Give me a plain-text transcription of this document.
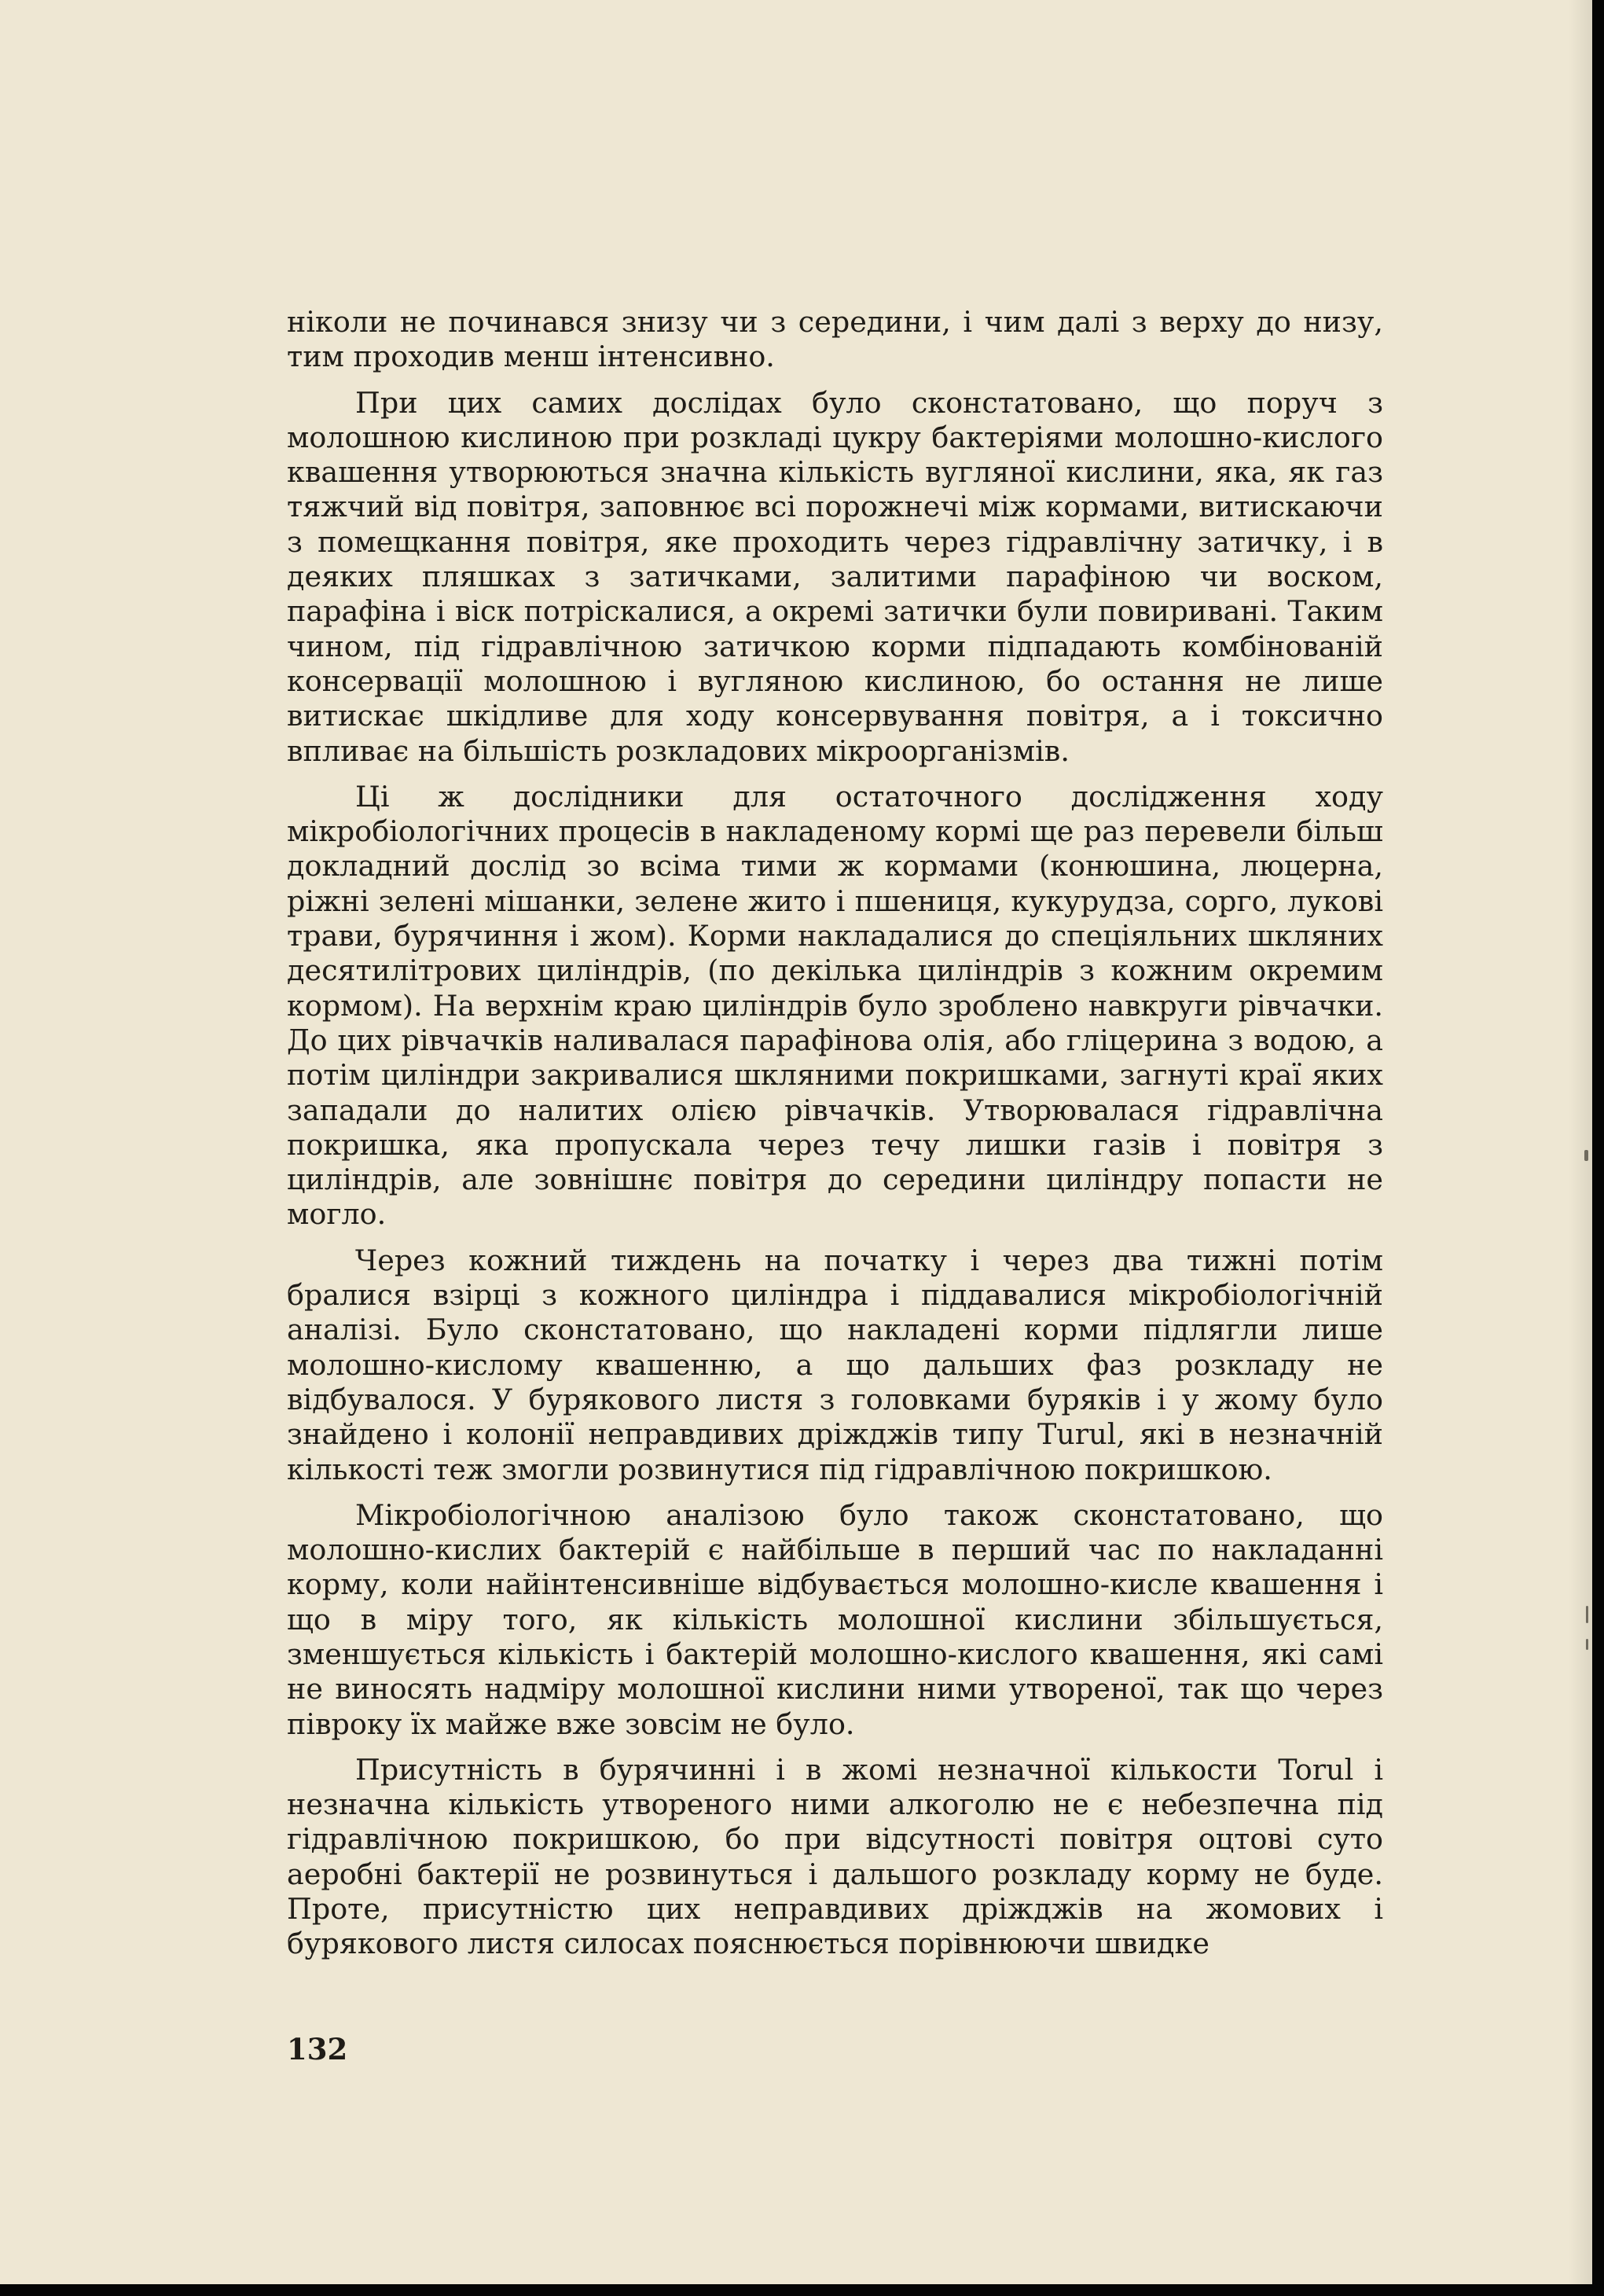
ніколи не починався знизу чи з середини, і чим далі з верху до низу, тим проходив менш інтенсивно.

При цих самих дослідах було сконстатовано, що поруч з молошною кислиною при розкладі цукру бактеріями молошно-кислого квашення утворюються значна кількість вугляної кислини, яка, як газ тяжчий від повітря, заповнює всі порожнечі між кормами, витискаючи з помещкання повітря, яке проходить через гідравлічну затичку, і в деяких пляшках з затичками, залитими парафіною чи воском, парафіна і віск потріскалися, а окремі затички були повиривані. Таким чином, під гідравлічною затичкою корми підпадають комбінованій консервації молошною і вугляною кислиною, бо остання не лише витискає шкідливе для ходу консервування повітря, а і токсично впливає на більшість розкладових мікроорганізмів.

Ці ж дослідники для остаточного дослідження ходу мікробіологічних процесів в накладеному кормі ще раз перевели більш докладний дослід зо всіма тими ж кормами (конюшина, люцерна, ріжні зелені мішанки, зелене жито і пшениця, кукурудза, сорго, лукові трави, бурячиння і жом). Корми накладалися до спеціяльних шкляних десятилітрових циліндрів, (по декілька циліндрів з кожним окремим кормом). На верхнім краю циліндрів було зроблено навкруги рівчачки. До цих рівчачків наливалася парафінова олія, або гліцерина з водою, а потім циліндри закривалися шкляними покришками, загнуті краї яких западали до налитих олією рівчачків. Утворювалася гідравлічна покришка, яка пропускала через течу лишки газів і повітря з циліндрів, але зовнішнє повітря до середини циліндру попасти не могло.

Через кожний тиждень на початку і через два тижні потім бралися взірці з кожного циліндра і піддавалися мікробіологічній аналізі. Було сконстатовано, що накладені корми підлягли лише молошно-кислому квашенню, а що дальших фаз розкладу не відбувалося. У бурякового листя з головками буряків і у жому було знайдено і колонії неправдивих дріжджів типу Turul, які в незначній кількості теж змогли розвинутися під гідравлічною покришкою.

Мікробіологічною аналізою було також сконстатовано, що молошно-кислих бактерій є найбільше в перший час по накладанні корму, коли найінтенсивніше відбувається молошно-кисле квашення і що в міру того, як кількість молошної кислини збільшується, зменшується кількість і бактерій молошно-кислого квашення, які самі не виносять надміру молошної кислини ними утвореної, так що через півроку їх майже вже зовсім не було.

Присутність в бурячинні і в жомі незначної кількости Torul і незначна кількість утвореного ними алкоголю не є небезпечна під гідравлічною покришкою, бо при відсутності повітря оцтові суто аеробні бактерії не розвинуться і дальшого розкладу корму не буде. Проте, присутністю цих неправдивих дріжджів на жомових і бурякового листя силосах пояснюється порівнюючи швидке

132
